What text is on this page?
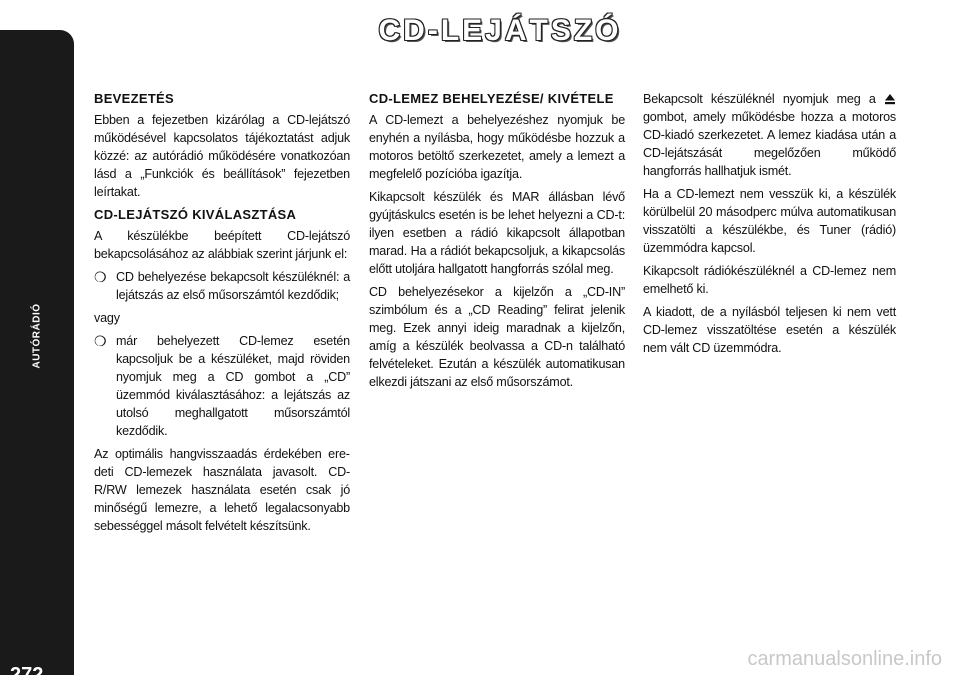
AUTÓRÁDIÓ
272
CD-LEJÁTSZÓ
BEVEZETÉS

Ebben a fejezetben kizárólag a CD-lejátszó működésével kapcsolatos tájékoztatást adjuk közzé: az autórádió működésére vonatkozóan lásd a „Funkciók és beállítások” fejezetben leírtakat.

CD-LEJÁTSZÓ KIVÁLASZTÁSA

A készülékbe beépített CD-lejátszó bekapcsolásához az alábbiak szerint járjunk el:

❍ CD behelyezése bekapcsolt készüléknél: a lejátszás az első műsorszámtól kezdődik;

vagy

❍ már behelyezett CD-lemez esetén kapcsoljuk be a készüléket, majd röviden nyomjuk meg a CD gombot a „CD” üzemmód kiválasztásához: a lejátszás az utolsó meghallgatott műsorszámtól kezdődik.

Az optimális hangvisszaadás érdekében eredeti CD-lemezek használata javasolt. CD-R/RW lemezek használata esetén csak jó minőségű lemezre, a lehető legalacsonyabb sebességgel másolt felvételt készítsünk.

CD-LEMEZ BEHELYEZÉSE/ KIVÉTELE

A CD-lemezt a behelyezéshez nyomjuk be enyhén a nyílásba, hogy működésbe hozzuk a motoros betöltő szerkezetet, amely a lemezt a megfelelő pozícióba igazítja.

Kikapcsolt készülék és MAR állásban lévő gyújtáskulcs esetén is be lehet helyezni a CD-t: ilyen esetben a rádió kikapcsolt állapotban marad. Ha a rádiót bekapcsoljuk, a kikapcsolás előtt utoljára hallgatott hangforrás szólal meg.

CD behelyezésekor a kijelzőn a „CD-IN” szimbólum és a „CD Reading” felirat jelenik meg. Ezek annyi ideig maradnak a kijelzőn, amíg a készülék beolvassa a CD-n található felvételeket. Ezután a készülék automatikusan elkezdi játszani az első műsorszámot.

Bekapcsolt készüléknél nyomjuk meg a  gombot, amely működésbe hozza a motoros CD-kiadó szerkezetet. A lemez kiadása után a CD-lejátszását megelőzően működő hangforrás hallhatjuk ismét.

Ha a CD-lemezt nem vesszük ki, a készülék körülbelül 20 másodperc múlva automatikusan visszatölti a készülékbe, és Tuner (rádió) üzemmódra kapcsol.

Kikapcsolt rádiókészüléknél a CD-lemez nem emelhető ki.

A kiadott, de a nyílásból teljesen ki nem vett CD-lemez visszatöltése esetén a készülék nem vált CD üzemmódra.

carmanualsonline.info
